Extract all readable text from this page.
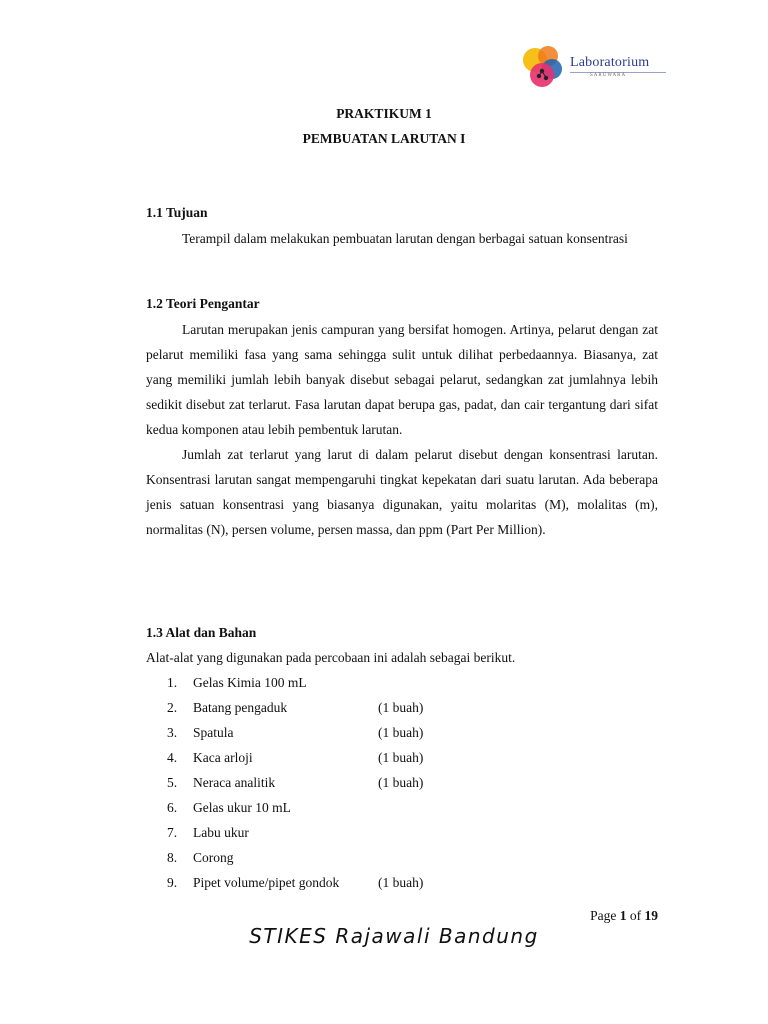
Laboratorium
SARUWARA
PRAKTIKUM 1
PEMBUATAN LARUTAN I
1.1 Tujuan

Terampil dalam melakukan pembuatan larutan dengan berbagai satuan konsentrasi

1.2 Teori Pengantar

Larutan merupakan jenis campuran yang bersifat homogen. Artinya, pelarut dengan zat pelarut memiliki fasa yang sama sehingga sulit untuk dilihat perbedaannya. Biasanya, zat yang memiliki jumlah lebih banyak disebut sebagai pelarut, sedangkan zat jumlahnya lebih sedikit disebut zat terlarut. Fasa larutan dapat berupa gas, padat, dan cair tergantung dari sifat kedua komponen atau lebih pembentuk larutan.

Jumlah zat terlarut yang larut di dalam pelarut disebut dengan konsentrasi larutan. Konsentrasi larutan sangat mempengaruhi tingkat kepekatan dari suatu larutan. Ada beberapa jenis satuan konsentrasi yang biasanya digunakan, yaitu molaritas (M), molalitas (m), normalitas (N), persen volume, persen massa, dan ppm (Part Per Million).

1.3 Alat dan Bahan
Alat-alat yang digunakan pada percobaan ini adalah sebagai berikut.
1. Gelas Kimia 100 mL
2. Batang pengaduk	(1 buah)
3. Spatula	(1 buah)
4. Kaca arloji	(1 buah)
5. Neraca analitik	(1 buah)
6. Gelas ukur 10 mL
7. Labu ukur
8. Corong
9. Pipet volume/pipet gondok	(1 buah)
Page 1 of 19
STIKES Rajawali Bandung
